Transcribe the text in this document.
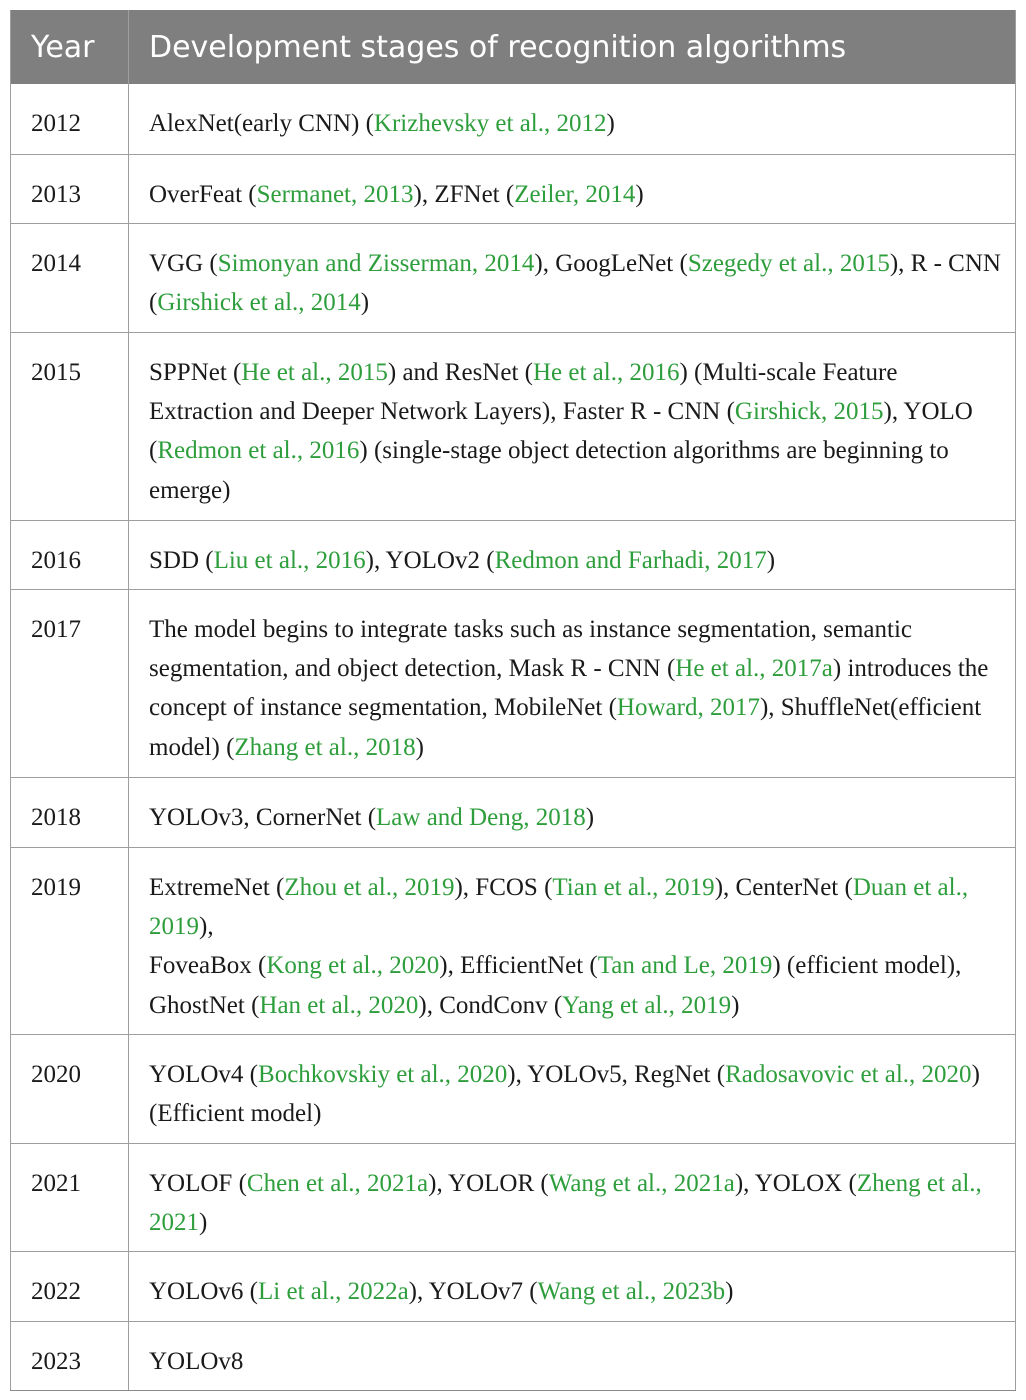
Year	Development stages of recognition algorithms
2012	AlexNet(early CNN) (Krizhevsky et al., 2012)
2013	OverFeat (Sermanet, 2013), ZFNet (Zeiler, 2014)
2014	VGG (Simonyan and Zisserman, 2014), GoogLeNet (Szegedy et al., 2015), R - CNN (Girshick et al., 2014)
2015	SPPNet (He et al., 2015) and ResNet (He et al., 2016) (Multi-scale Feature Extraction and Deeper Network Layers), Faster R - CNN (Girshick, 2015), YOLO (Redmon et al., 2016) (single-stage object detection algorithms are beginning to emerge)
2016	SDD (Liu et al., 2016), YOLOv2 (Redmon and Farhadi, 2017)
2017	The model begins to integrate tasks such as instance segmentation, semantic segmentation, and object detection, Mask R - CNN (He et al., 2017a) introduces the concept of instance segmentation, MobileNet (Howard, 2017), ShuffleNet(efficient model) (Zhang et al., 2018)
2018	YOLOv3, CornerNet (Law and Deng, 2018)
2019	ExtremeNet (Zhou et al., 2019), FCOS (Tian et al., 2019), CenterNet (Duan et al., 2019),
FoveaBox (Kong et al., 2020), EfficientNet (Tan and Le, 2019) (efficient model), GhostNet (Han et al., 2020), CondConv (Yang et al., 2019)
2020	YOLOv4 (Bochkovskiy et al., 2020), YOLOv5, RegNet (Radosavovic et al., 2020) (Efficient model)
2021	YOLOF (Chen et al., 2021a), YOLOR (Wang et al., 2021a), YOLOX (Zheng et al., 2021)
2022	YOLOv6 (Li et al., 2022a), YOLOv7 (Wang et al., 2023b)
2023	YOLOv8
